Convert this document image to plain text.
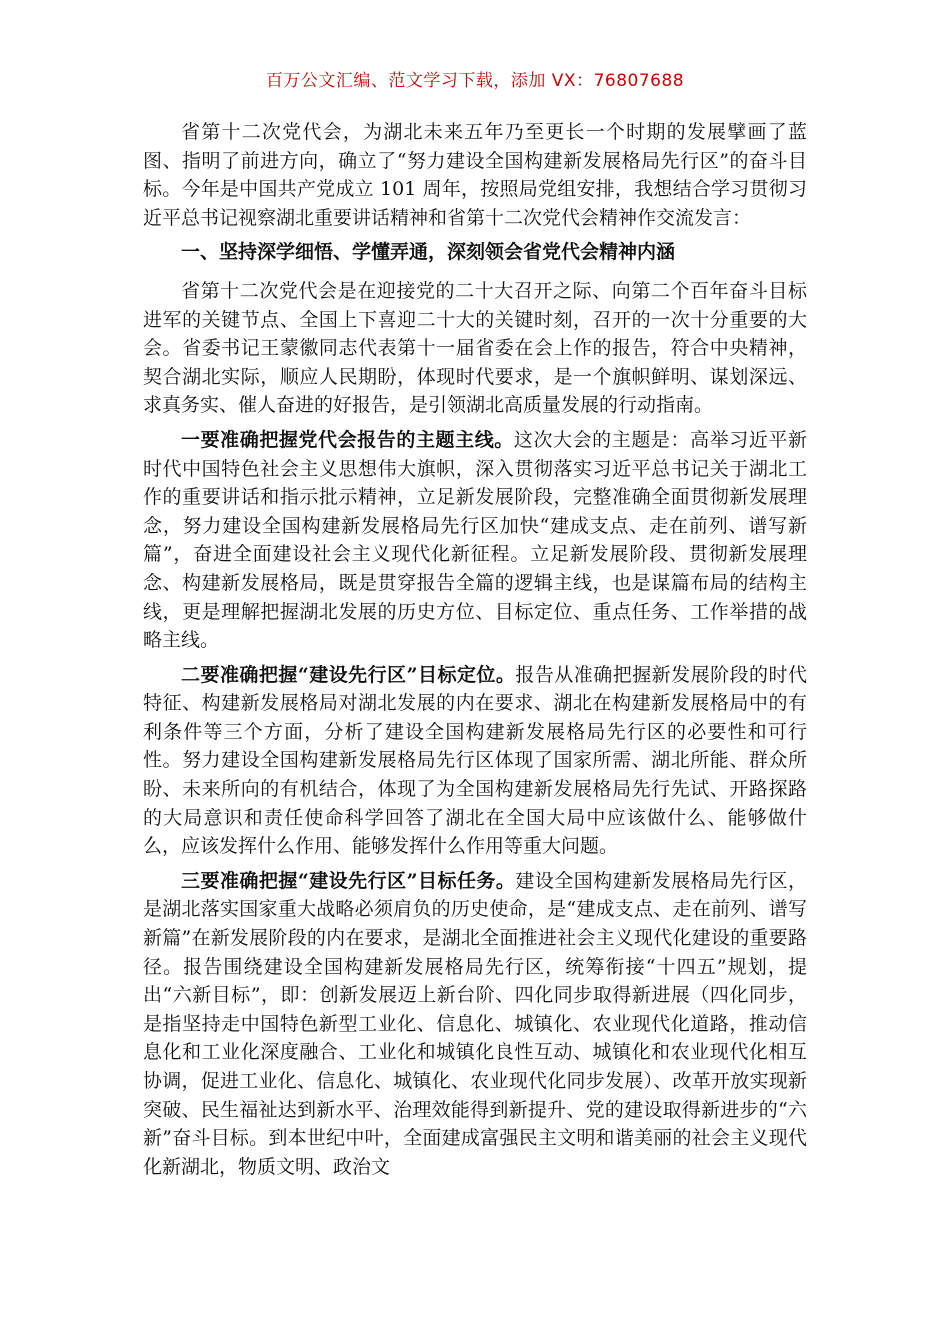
百万公文汇编、范文学习下载，添加 VX：76807688

省第十二次党代会，为湖北未来五年乃至更长一个时期的发展擘画了蓝图、指明了前进方向，确立了“努力建设全国构建新发展格局先行区”的奋斗目标。今年是中国共产党成立 101 周年，按照局党组安排，我想结合学习贯彻习近平总书记视察湖北重要讲话精神和省第十二次党代会精神作交流发言：

一、坚持深学细悟、学懂弄通，深刻领会省党代会精神内涵

省第十二次党代会是在迎接党的二十大召开之际、向第二个百年奋斗目标进军的关键节点、全国上下喜迎二十大的关键时刻，召开的一次十分重要的大会。省委书记王蒙徽同志代表第十一届省委在会上作的报告，符合中央精神，契合湖北实际，顺应人民期盼，体现时代要求，是一个旗帜鲜明、谋划深远、求真务实、催人奋进的好报告，是引领湖北高质量发展的行动指南。

一要准确把握党代会报告的主题主线。这次大会的主题是：高举习近平新时代中国特色社会主义思想伟大旗帜，深入贯彻落实习近平总书记关于湖北工作的重要讲话和指示批示精神，立足新发展阶段，完整准确全面贯彻新发展理念，努力建设全国构建新发展格局先行区加快“建成支点、走在前列、谱写新篇”，奋进全面建设社会主义现代化新征程。立足新发展阶段、贯彻新发展理念、构建新发展格局，既是贯穿报告全篇的逻辑主线，也是谋篇布局的结构主线，更是理解把握湖北发展的历史方位、目标定位、重点任务、工作举措的战略主线。

二要准确把握“建设先行区”目标定位。报告从准确把握新发展阶段的时代特征、构建新发展格局对湖北发展的内在要求、湖北在构建新发展格局中的有利条件等三个方面，分析了建设全国构建新发展格局先行区的必要性和可行性。努力建设全国构建新发展格局先行区体现了国家所需、湖北所能、群众所盼、未来所向的有机结合，体现了为全国构建新发展格局先行先试、开路探路的大局意识和责任使命科学回答了湖北在全国大局中应该做什么、能够做什么，应该发挥什么作用、能够发挥什么作用等重大问题。

三要准确把握“建设先行区”目标任务。建设全国构建新发展格局先行区，是湖北落实国家重大战略必须肩负的历史使命，是“建成支点、走在前列、谱写新篇”在新发展阶段的内在要求，是湖北全面推进社会主义现代化建设的重要路径。报告围绕建设全国构建新发展格局先行区，统筹衔接“十四五”规划，提出“六新目标”，即：创新发展迈上新台阶、四化同步取得新进展（四化同步，是指坚持走中国特色新型工业化、信息化、城镇化、农业现代化道路，推动信息化和工业化深度融合、工业化和城镇化良性互动、城镇化和农业现代化相互协调，促进工业化、信息化、城镇化、农业现代化同步发展）、改革开放实现新突破、民生福祉达到新水平、治理效能得到新提升、党的建设取得新进步的“六新”奋斗目标。到本世纪中叶，全面建成富强民主文明和谐美丽的社会主义现代化新湖北，物质文明、政治文
